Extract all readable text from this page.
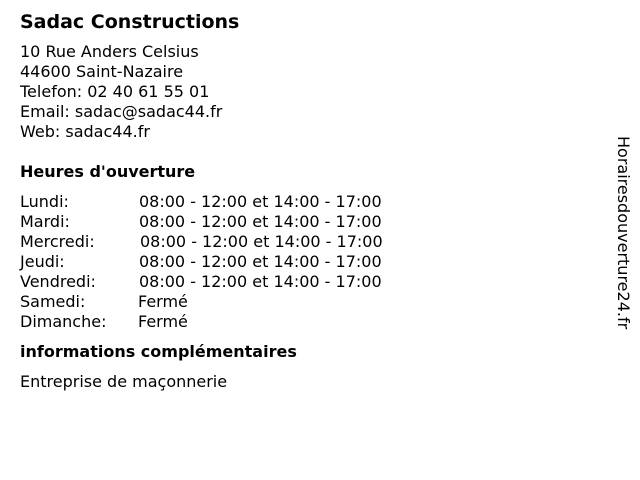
Sadac Constructions
10 Rue Anders Celsius
44600 Saint-Nazaire
Telefon: 02 40 61 55 01
Email: sadac@sadac44.fr
Web: sadac44.fr
Heures d'ouverture
Lundi:	08:00 - 12:00 et 14:00 - 17:00
Mardi:	08:00 - 12:00 et 14:00 - 17:00
Mercredi:	08:00 - 12:00 et 14:00 - 17:00
Jeudi:	08:00 - 12:00 et 14:00 - 17:00
Vendredi:	08:00 - 12:00 et 14:00 - 17:00
Samedi:	Fermé
Dimanche: Fermé
informations complémentaires
Entreprise de maçonnerie
Horairesdouverture24.fr
